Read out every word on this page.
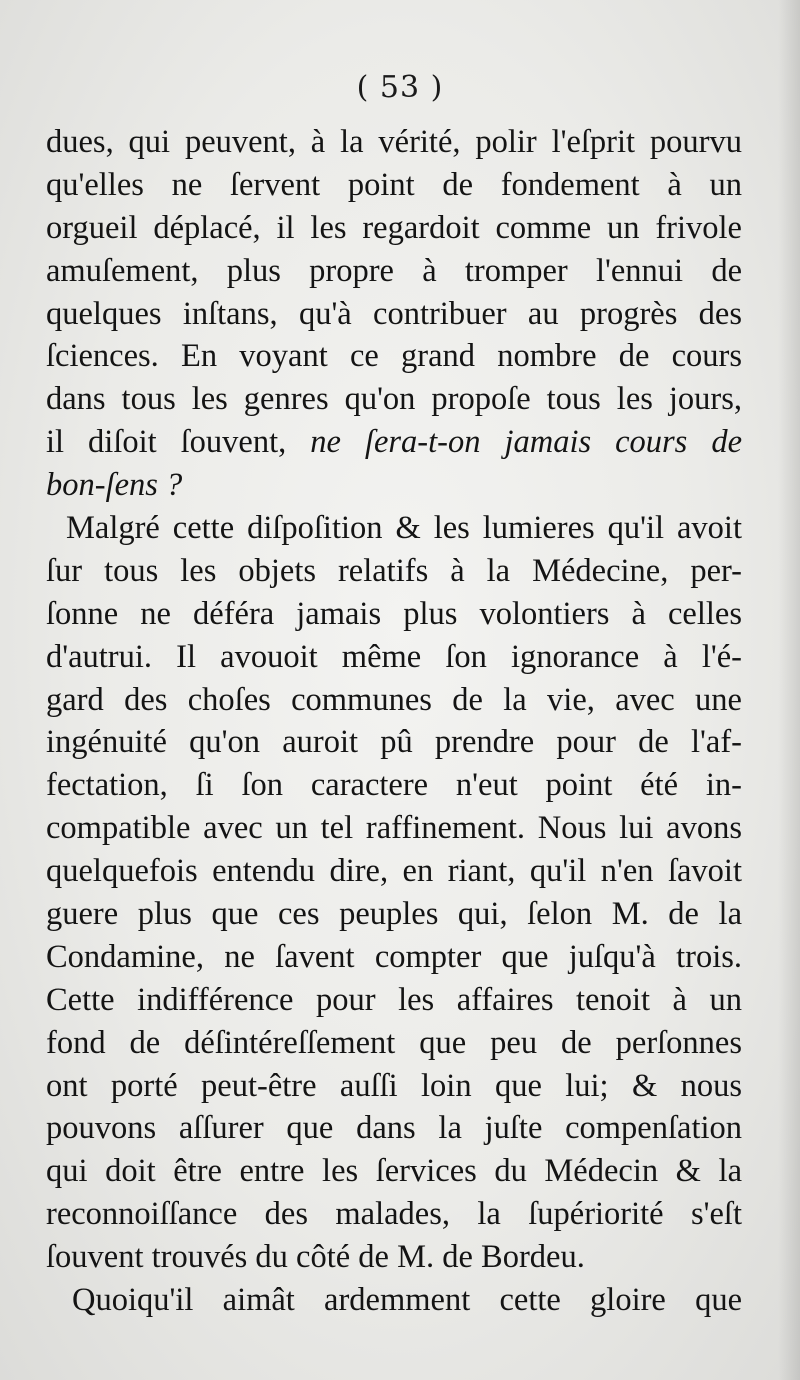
( 53 )
dues, qui peuvent, à la vérité, polir l'eſprit pourvu
qu'elles ne ſervent point de fondement à un
orgueil déplacé, il les regardoit comme un frivole
amuſement, plus propre à tromper l'ennui de
quelques inſtans, qu'à contribuer au progrès des
ſciences. En voyant ce grand nombre de cours
dans tous les genres qu'on propoſe tous les jours,
il diſoit ſouvent, ne ſera-t-on jamais cours de
bon-ſens ?
Malgré cette diſpoſition & les lumieres qu'il avoit
ſur tous les objets relatifs à la Médecine, per-
ſonne ne déféra jamais plus volontiers à celles
d'autrui. Il avouoit même ſon ignorance à l'é-
gard des choſes communes de la vie, avec une
ingénuité qu'on auroit pû prendre pour de l'af-
fectation, ſi ſon caractere n'eut point été in-
compatible avec un tel raffinement. Nous lui avons
quelquefois entendu dire, en riant, qu'il n'en ſavoit
guere plus que ces peuples qui, ſelon M. de la
Condamine, ne ſavent compter que juſqu'à trois.
Cette indifférence pour les affaires tenoit à un
fond de déſintéreſſement que peu de perſonnes
ont porté peut-être auſſi loin que lui; & nous
pouvons aſſurer que dans la juſte compenſation
qui doit être entre les ſervices du Médecin & la
reconnoiſſance des malades, la ſupériorité s'eſt
ſouvent trouvés du côté de M. de Bordeu.
Quoiqu'il aimât ardemment cette gloire que
